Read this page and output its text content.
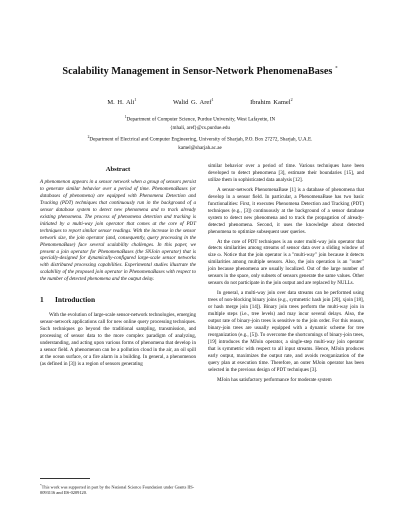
Scalability Management in Sensor-Network PhenomenaBases *
M. H. Ali$^1$	Walid G. Aref$^1$	Ibrahim Kamel$^2$
$^1$Department of Computer Science, Purdue University, West Lafayette, IN
{mhali, aref}@cs.purdue.edu
$^2$Department of Electrical and Computer Engineering, University of Sharjah, P.O. Box 27272, Sharjah, U.A.E.
kamel@sharjah.ac.ae
Abstract

A phenomenon appears in a sensor network when a group of sensors persist to generate similar behavior over a period of time. PhenomenaBases (or databases of phenomena) are equipped with Phenomena Detection and Tracking (PDT) techniques that continuously run in the background of a sensor database system to detect new phenomena and to track already existing phenomena. The process of phenomena detection and tracking is initiated by a multi-way join operator that comes at the core of PDT techniques to report similar sensor readings. With the increase in the sensor network size, the join operator (and, consequently, query processing in the PhenomenaBase) face several scalability challenges. In this paper, we present a join operator for PhenomenaBases (the SNJoin operator) that is specially-designed for dynamically-configured large-scale sensor networks with distributed processing capabilities. Experimental studies illustrate the scalability of the proposed join operator in PhenomenaBases with respect to the number of detected phenomena and the output delay.

1 Introduction

With the evolution of large-scale sensor-network technologies, emerging sensor-network applications call for new online query processing techniques. Such techniques go beyond the traditional sampling, transmission, and processing of sensor data to the more complex paradigm of analyzing, understanding, and acting upon various forms of phenomena that develop in a sensor field. A phenomenon can be a pollution cloud in the air, an oil spill at the ocean surface, or a fire alarm in a building. In general, a phenomenon (as defined in [3]) is a region of sensors generating

*This work was supported in part by the National Science Foundation under Grants IIS-0093116 and IIS-0209120.

similar behavior over a period of time. Various techniques have been developed to detect phenomena [3], estimate their boundaries [15], and utilize them in sophisticated data analysis [12].

A sensor-network PhenomenaBase [1] is a database of phenomena that develop in a sensor field. In particular, a PhenomenaBase has two basic functionalities: First, it executes Phenomena Detection and Tracking (PDT) techniques (e.g., [3]) continuously at the background of a sensor database system to detect new phenomena and to track the propagation of already-detected phenomena. Second, it uses the knowledge about detected phenomena to optimize subsequent user queries.

At the core of PDT techniques is an outer multi-way join operator that detects similarities among streams of sensor data over a sliding window of size ω. Notice that the join operator is a "multi-way" join because it detects similarities among multiple sensors. Also, the join operation is an "outer" join because phenomena are usually localized. Out of the large number of sensors in the space, only subsets of sensors generate the same values. Other sensors do not participate in the join output and are replaced by NULLs.

In general, a multi-way join over data streams can be performed using trees of non-blocking binary joins (e.g., symmetric hash join [20], xjoin [18], or hash merge join [14]). Binary join trees perform the multi-way join in multiple steps (i.e., tree levels) and may incur several delays. Also, the output rate of binary-join trees is sensitive to the join order. For this reason, binary-join trees are usually equipped with a dynamic scheme for tree reorganization (e.g., [5]). To overcome the shortcomings of binary-join trees, [19] introduces the MJoin operator, a single-step multi-way join operator that is symmetric with respect to all input streams. Hence, MJoin produces early output, maximizes the output rate, and avoids reorganization of the query plan at execution time. Therefore, an outer MJoin operator has been selected in the previous design of PDT techniques [3].

MJoin has satisfactory performance for moderate system
